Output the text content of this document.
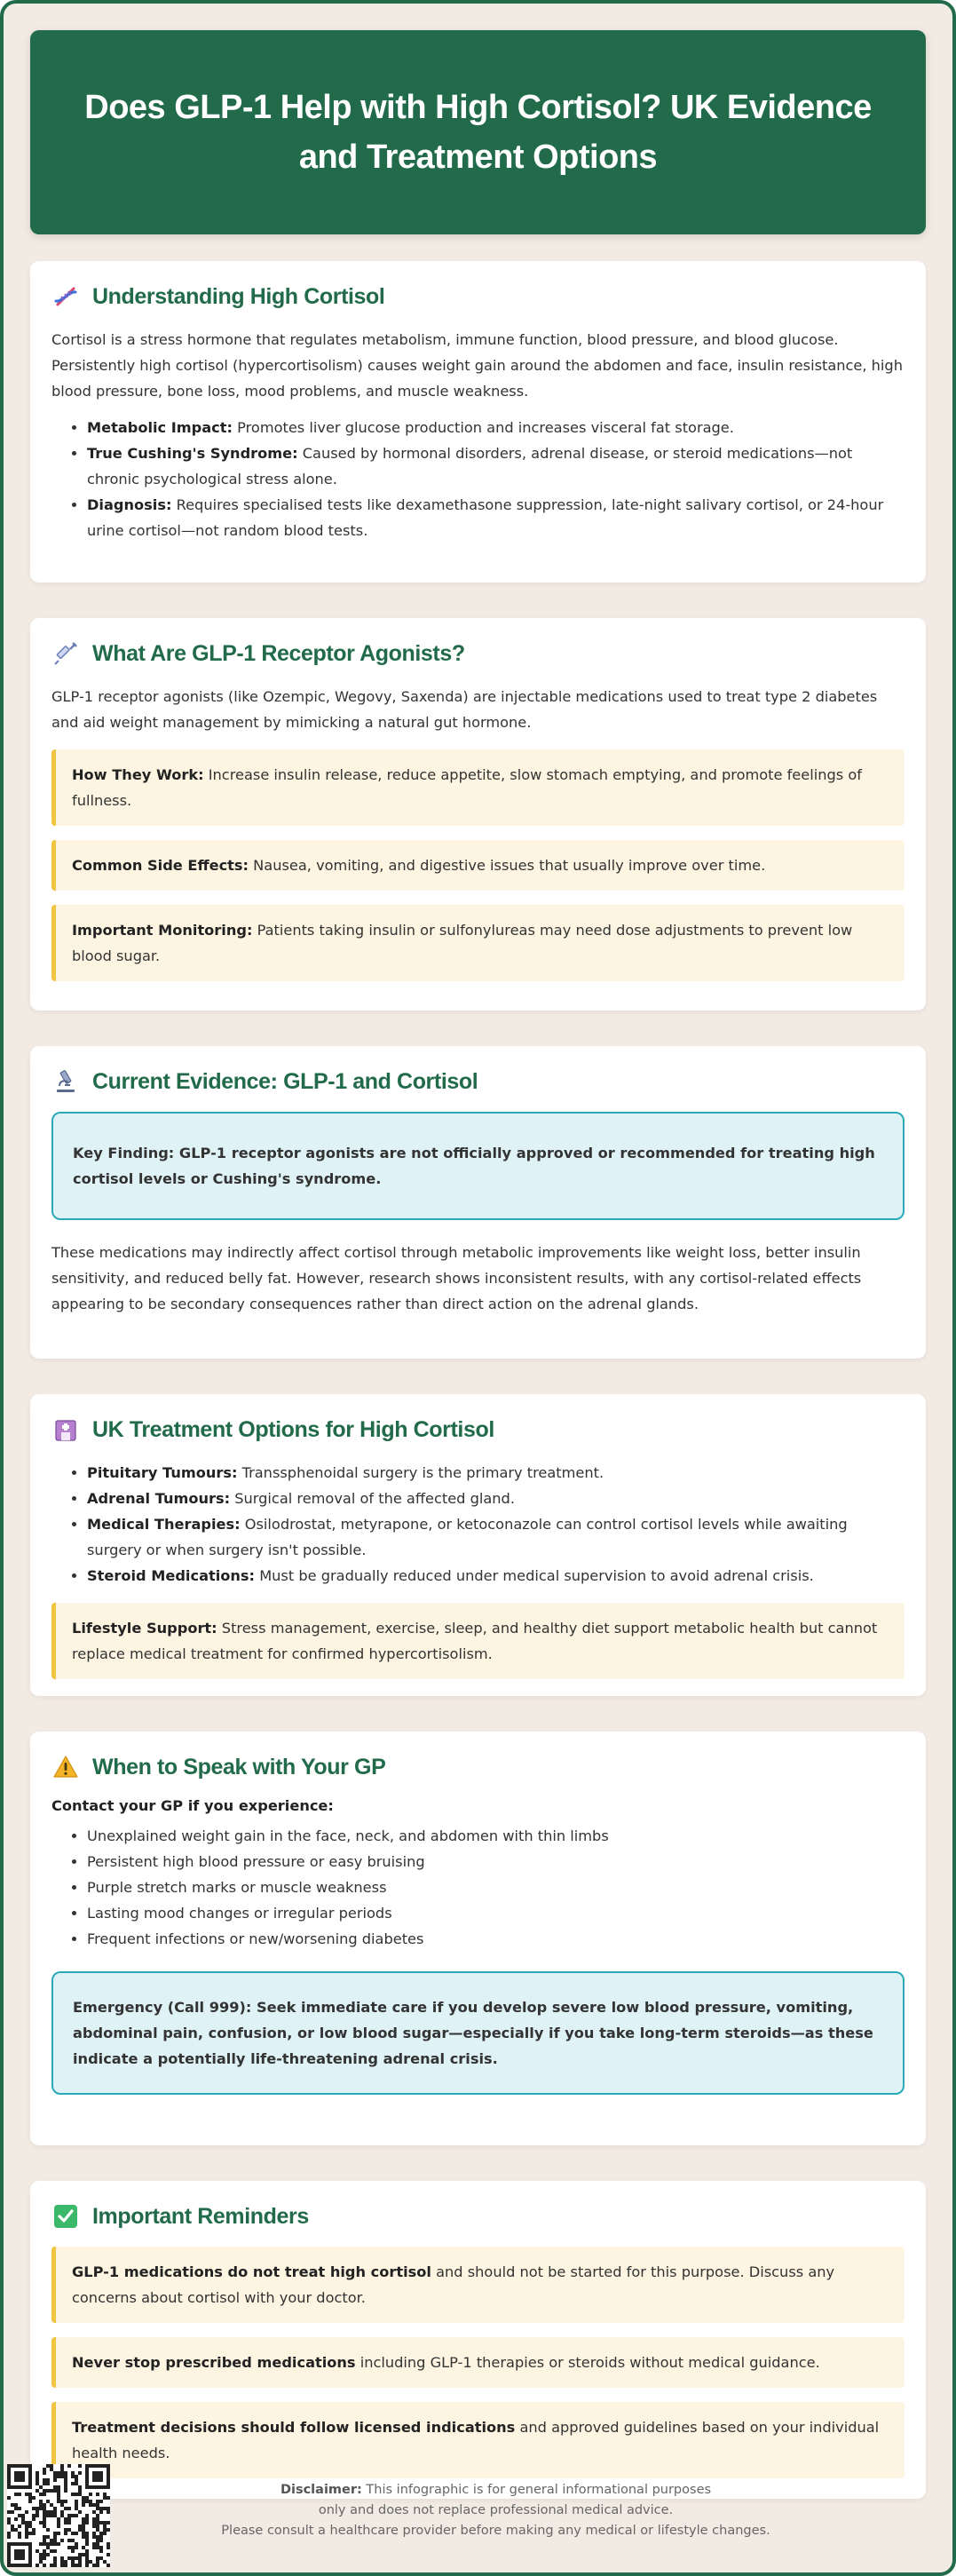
Does GLP-1 Help with High Cortisol? UK Evidence and Treatment Options
Understanding High Cortisol

Cortisol is a stress hormone that regulates metabolism, immune function, blood pressure, and blood glucose. Persistently high cortisol (hypercortisolism) causes weight gain around the abdomen and face, insulin resistance, high blood pressure, bone loss, mood problems, and muscle weakness.

• Metabolic Impact: Promotes liver glucose production and increases visceral fat storage.
• True Cushing's Syndrome: Caused by hormonal disorders, adrenal disease, or steroid medications—not chronic psychological stress alone.
• Diagnosis: Requires specialised tests like dexamethasone suppression, late-night salivary cortisol, or 24-hour urine cortisol—not random blood tests.
What Are GLP-1 Receptor Agonists?

GLP-1 receptor agonists (like Ozempic, Wegovy, Saxenda) are injectable medications used to treat type 2 diabetes and aid weight management by mimicking a natural gut hormone.

How They Work: Increase insulin release, reduce appetite, slow stomach emptying, and promote feelings of fullness.
Common Side Effects: Nausea, vomiting, and digestive issues that usually improve over time.
Important Monitoring: Patients taking insulin or sulfonylureas may need dose adjustments to prevent low blood sugar.
Current Evidence: GLP-1 and Cortisol
Key Finding: GLP-1 receptor agonists are not officially approved or recommended for treating high cortisol levels or Cushing's syndrome.

These medications may indirectly affect cortisol through metabolic improvements like weight loss, better insulin sensitivity, and reduced belly fat. However, research shows inconsistent results, with any cortisol-related effects appearing to be secondary consequences rather than direct action on the adrenal glands.

UK Treatment Options for High Cortisol
• Pituitary Tumours: Transsphenoidal surgery is the primary treatment.
• Adrenal Tumours: Surgical removal of the affected gland.
• Medical Therapies: Osilodrostat, metyrapone, or ketoconazole can control cortisol levels while awaiting surgery or when surgery isn't possible.
• Steroid Medications: Must be gradually reduced under medical supervision to avoid adrenal crisis.
Lifestyle Support: Stress management, exercise, sleep, and healthy diet support metabolic health but cannot replace medical treatment for confirmed hypercortisolism.
When to Speak with Your GP
Contact your GP if you experience:
• Unexplained weight gain in the face, neck, and abdomen with thin limbs
• Persistent high blood pressure or easy bruising
• Purple stretch marks or muscle weakness
• Lasting mood changes or irregular periods
• Frequent infections or new/worsening diabetes
Emergency (Call 999): Seek immediate care if you develop severe low blood pressure, vomiting, abdominal pain, confusion, or low blood sugar—especially if you take long-term steroids—as these indicate a potentially life-threatening adrenal crisis.
Important Reminders
GLP-1 medications do not treat high cortisol and should not be started for this purpose. Discuss any concerns about cortisol with your doctor.
Never stop prescribed medications including GLP-1 therapies or steroids without medical guidance.
Treatment decisions should follow licensed indications and approved guidelines based on your individual health needs.
Disclaimer: This infographic is for general informational purposes
only and does not replace professional medical advice.
Please consult a healthcare provider before making any medical or lifestyle changes.
